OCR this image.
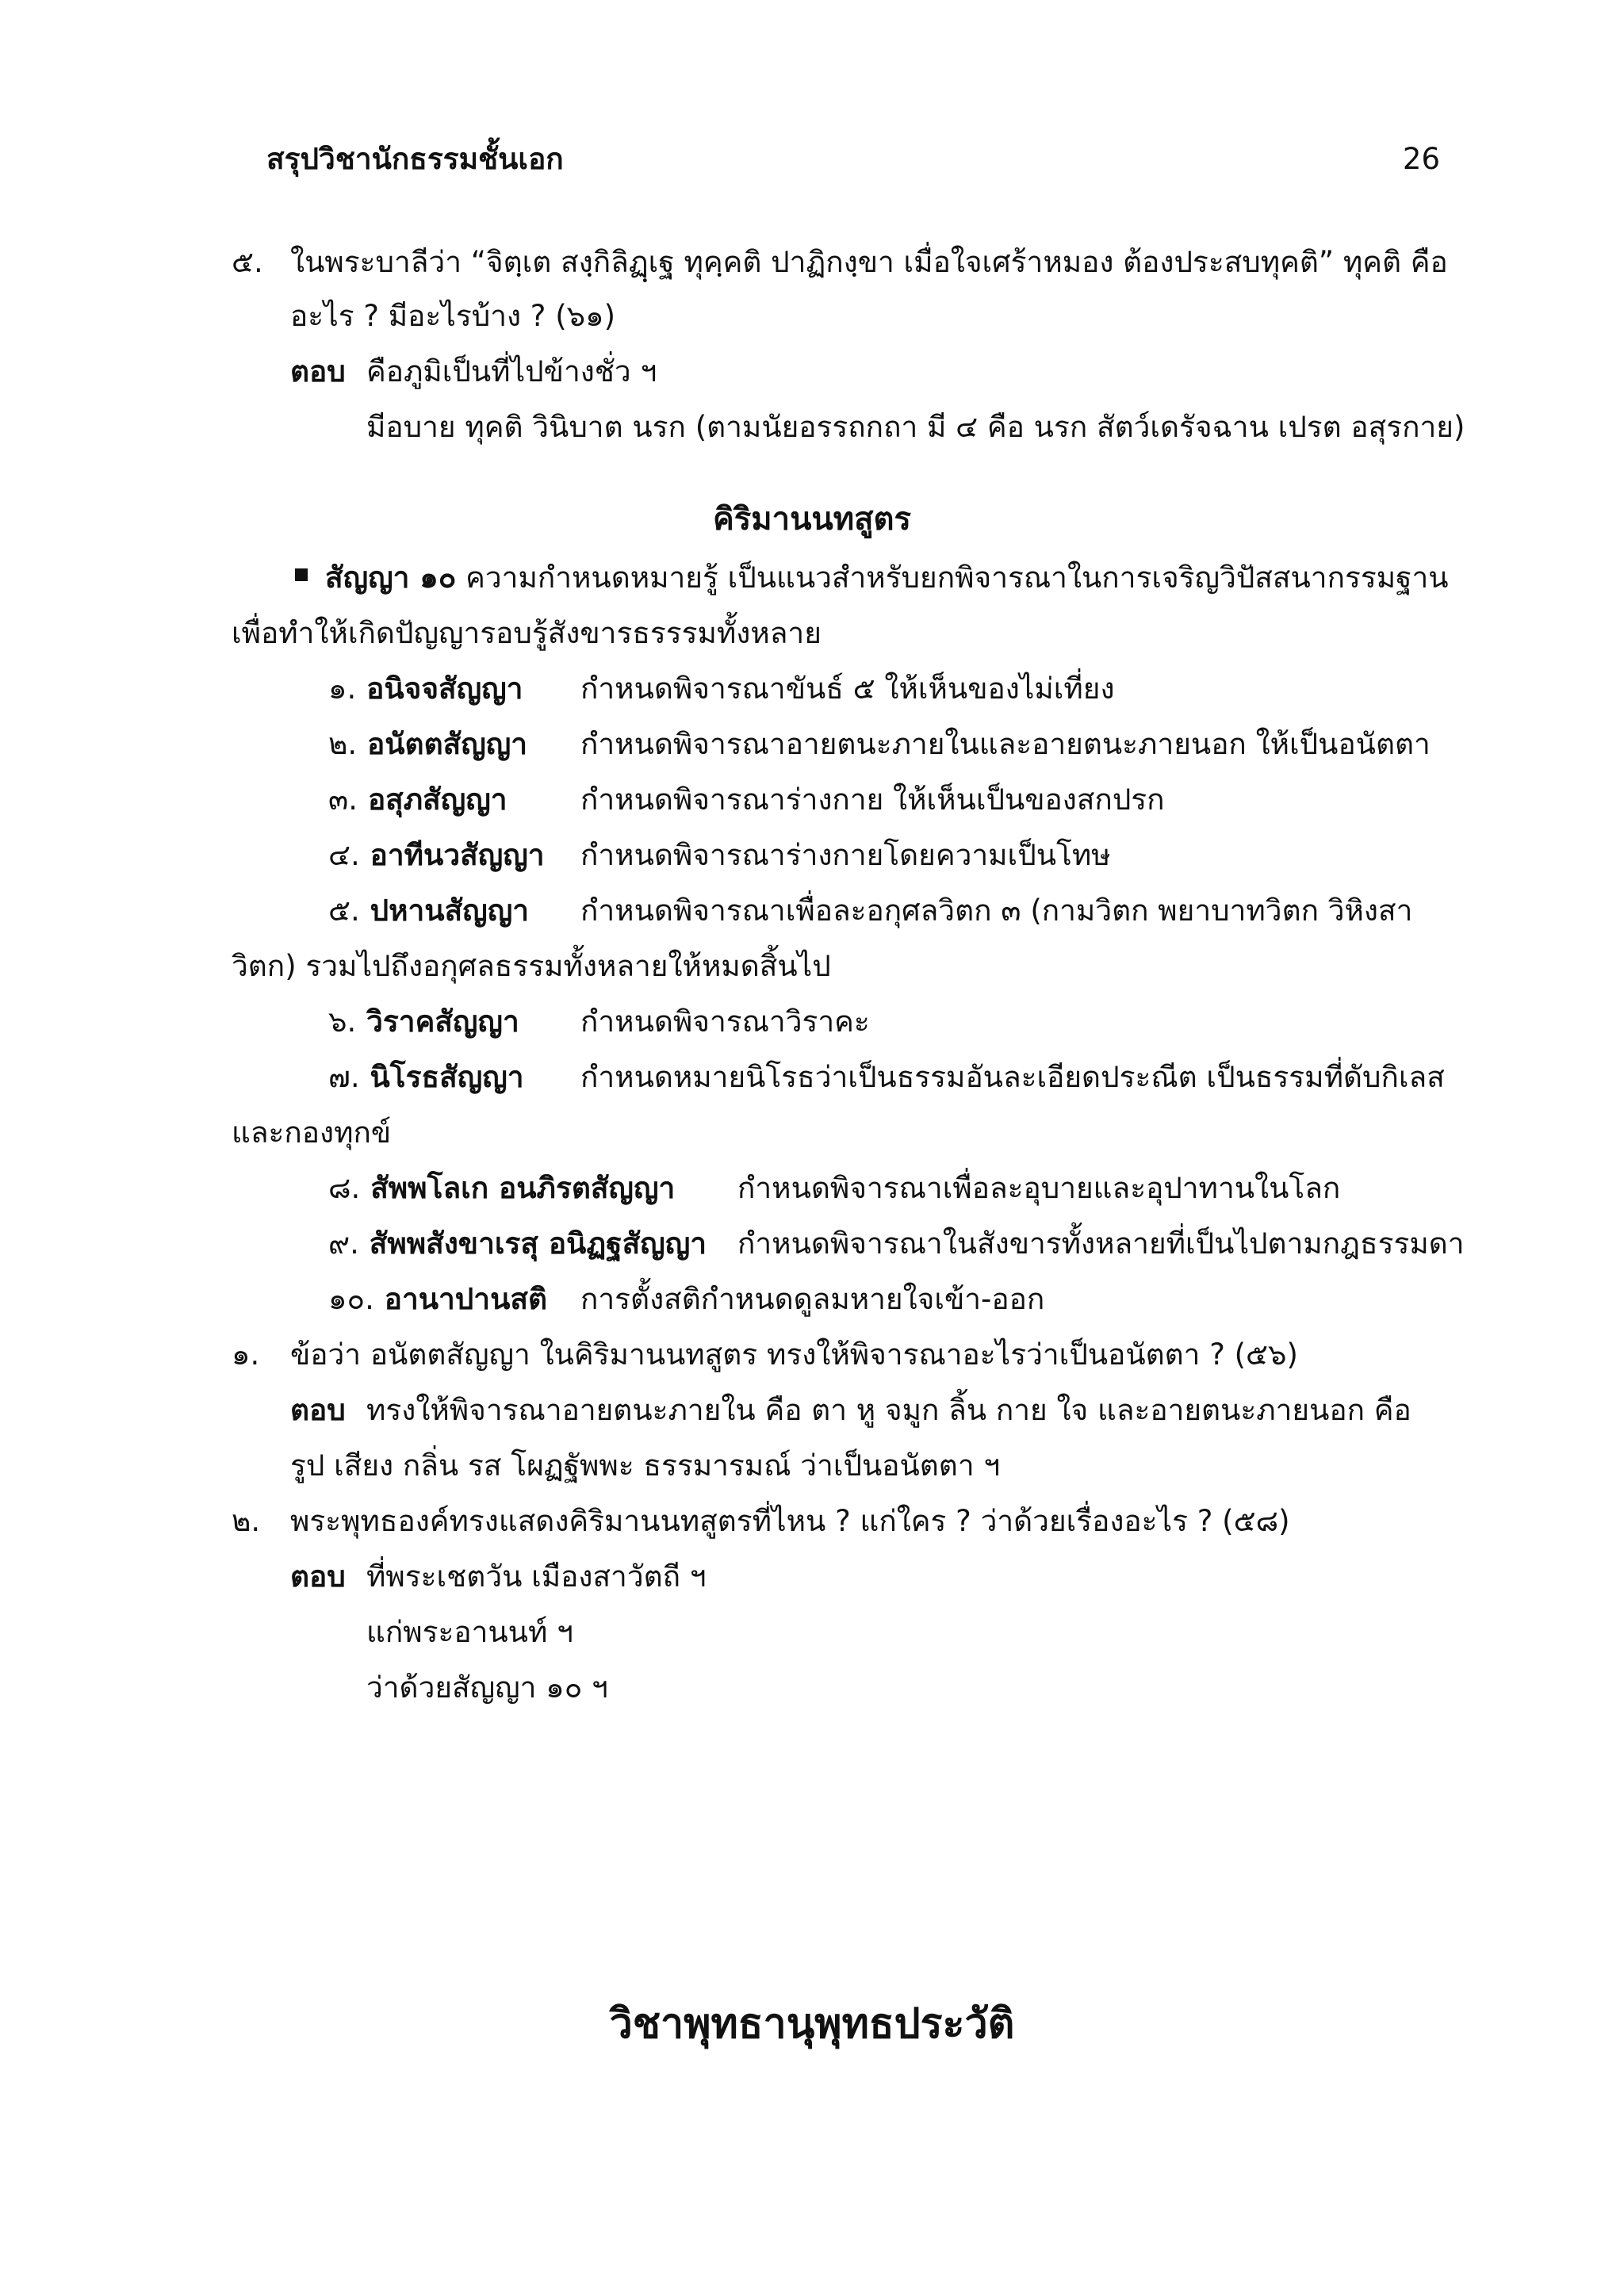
สรุปวิชานักธรรมชั้นเอก	26
๕. ในพระบาลีว่า “จิตฺเต สงฺกิลิฏฺเฐ ทุคฺคติ ปาฏิกงฺขา เมื่อใจเศร้าหมอง ต้องประสบทุคติ” ทุคติ คือ
อะไร ? มีอะไรบ้าง ? (๖๑)
ตอบ คือภูมิเป็นที่ไปข้างชั่ว ฯ
มีอบาย ทุคติ วินิบาต นรก (ตามนัยอรรถกถา มี ๔ คือ นรก สัตว์เดรัจฉาน เปรต อสุรกาย)
คิริมานนทสูตร
สัญญา ๑๐ ความกำหนดหมายรู้ เป็นแนวสำหรับยกพิจารณาในการเจริญวิปัสสนากรรมฐาน
เพื่อทำให้เกิดปัญญารอบรู้สังขารธรรรมทั้งหลาย
๑. อนิจจสัญญา กำหนดพิจารณาขันธ์ ๕ ให้เห็นของไม่เที่ยง
๒. อนัตตสัญญา กำหนดพิจารณาอายตนะภายในและอายตนะภายนอก ให้เป็นอนัตตา
๓. อสุภสัญญา กำหนดพิจารณาร่างกาย ให้เห็นเป็นของสกปรก
๔. อาทีนวสัญญา กำหนดพิจารณาร่างกายโดยความเป็นโทษ
๕. ปหานสัญญา กำหนดพิจารณาเพื่อละอกุศลวิตก ๓ (กามวิตก พยาบาทวิตก วิหิงสา
วิตก) รวมไปถึงอกุศลธรรมทั้งหลายให้หมดสิ้นไป
๖. วิราคสัญญา กำหนดพิจารณาวิราคะ
๗. นิโรธสัญญา กำหนดหมายนิโรธว่าเป็นธรรมอันละเอียดประณีต เป็นธรรมที่ดับกิเลส
และกองทุกข์
๘. สัพพโลเก อนภิรตสัญญา กำหนดพิจารณาเพื่อละอุบายและอุปาทานในโลก
๙. สัพพสังขาเรสุ อนิฏฐสัญญา กำหนดพิจารณาในสังขารทั้งหลายที่เป็นไปตามกฎธรรมดา
๑๐. อานาปานสติ การตั้งสติกำหนดดูลมหายใจเข้า-ออก
๑. ข้อว่า อนัตตสัญญา ในคิริมานนทสูตร ทรงให้พิจารณาอะไรว่าเป็นอนัตตา ? (๕๖)
ตอบ ทรงให้พิจารณาอายตนะภายใน คือ ตา หู จมูก ลิ้น กาย ใจ และอายตนะภายนอก คือ
รูป เสียง กลิ่น รส โผฏฐัพพะ ธรรมารมณ์ ว่าเป็นอนัตตา ฯ
๒. พระพุทธองค์ทรงแสดงคิริมานนทสูตรที่ไหน ? แก่ใคร ? ว่าด้วยเรื่องอะไร ? (๕๘)
ตอบ ที่พระเชตวัน เมืองสาวัตถี ฯ
แก่พระอานนท์ ฯ
ว่าด้วยสัญญา ๑๐ ฯ
วิชาพุทธานุพุทธประวัติ
